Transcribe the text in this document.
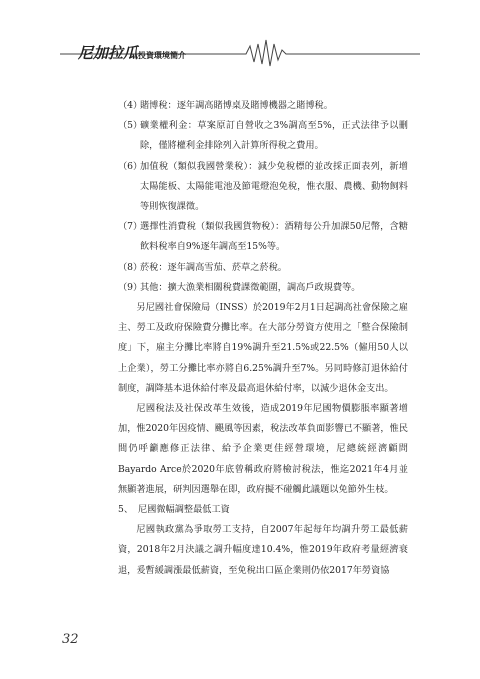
尼加拉瓜投資環境簡介

（4）
賭博稅：逐年調高賭博桌及賭博機器之賭博稅。

（5）
礦業權利金：草案原訂自營收之3%調高至5%，正式法律予以刪除，僅將權利金排除列入計算所得稅之費用。

（6）
加值稅（類似我國營業稅）：減少免稅標的並改採正面表列，新增太陽能板、太陽能電池及節電燈泡免稅，惟衣服、農機、動物飼料等則恢復課徵。

（7）
選擇性消費稅（類似我國貨物稅）：酒精每公升加課50尼幣，含糖飲料稅率自9%逐年調高至15%等。

（8）
菸稅：逐年調高雪茄、菸草之菸稅。

（9）
其他：擴大漁業相關稅費課徵範圍，調高戶政規費等。

另尼國社會保險局（INSS）於2019年2月1日起調高社會保險之雇主、勞工及政府保險費分攤比率。在大部分勞資方使用之「整合保險制度」下，雇主分攤比率將自19%調升至21.5%或22.5%（僱用50人以上企業），勞工分攤比率亦將自6.25%調升至7%。另同時修訂退休給付制度，調降基本退休給付率及最高退休給付率，以減少退休金支出。

尼國稅法及社保改革生效後，造成2019年尼國物價膨脹率顯著增加，惟2020年因疫情、颶風等因素，稅法改革負面影響已不顯著，惟民間仍呼籲應修正法律、給予企業更佳經營環境，尼總統經濟顧問Bayardo Arce於2020年底曾稱政府將檢討稅法，惟迄2021年4月並無顯著進展，研判因選舉在即，政府擬不碰觸此議題以免節外生枝。

5、 尼國微幅調整最低工資

尼國執政黨為爭取勞工支持，自2007年起每年均調升勞工最低薪資，2018年2月決議之調升幅度達10.4%，惟2019年政府考量經濟衰退，爰暫緩調漲最低薪資，至免稅出口區企業則仍依2017年勞資協

32
